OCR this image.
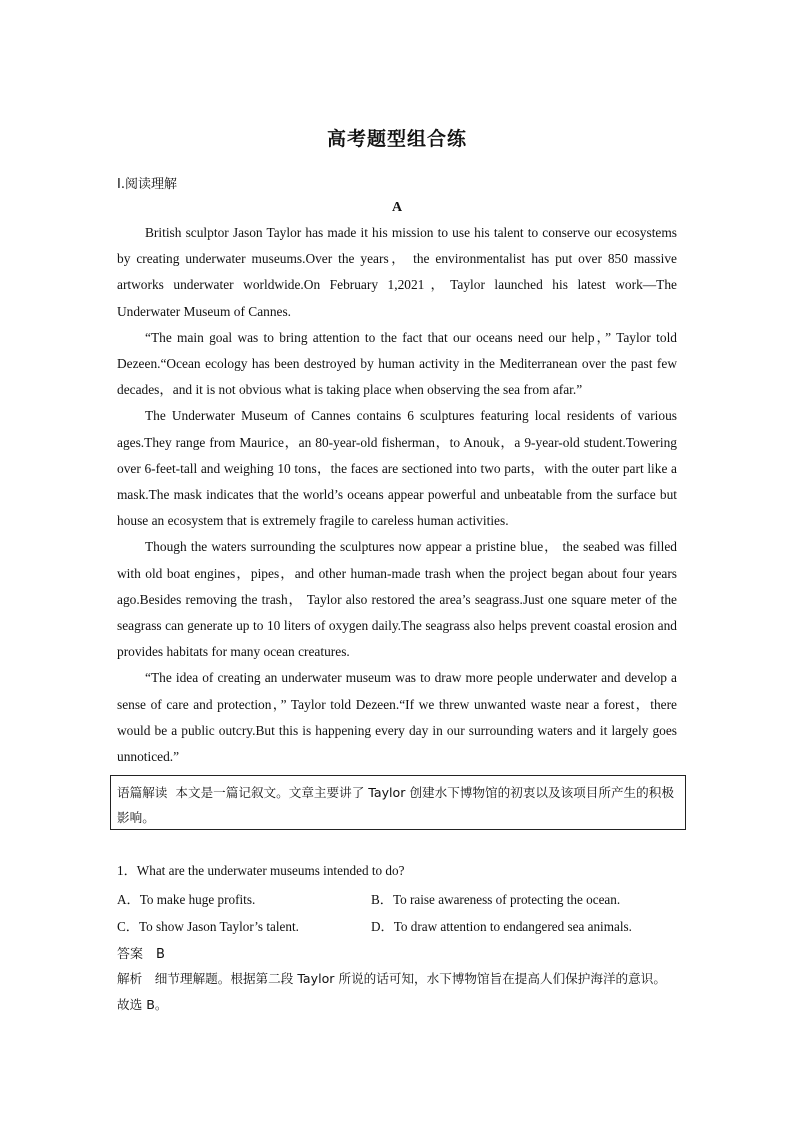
高考题型组合练
Ⅰ.阅读理解
A

British sculptor Jason Taylor has made it his mission to use his talent to conserve our ecosystems by creating underwater museums.Over the years， the environmentalist has put over 850 massive artworks underwater worldwide.On February 1,2021，Taylor launched his latest work—The Underwater Museum of Cannes.

“The main goal was to bring attention to the fact that our oceans need our help，” Taylor told Dezeen.“Ocean ecology has been destroyed by human activity in the Mediterranean over the past few decades，and it is not obvious what is taking place when observing the sea from afar.”

The Underwater Museum of Cannes contains 6 sculptures featuring local residents of various ages.They range from Maurice，an 80-year-old fisherman，to Anouk，a 9-year-old student.Towering over 6-feet-tall and weighing 10 tons，the faces are sectioned into two parts，with the outer part like a mask.The mask indicates that the world’s oceans appear powerful and unbeatable from the surface but house an ecosystem that is extremely fragile to careless human activities.

Though the waters surrounding the sculptures now appear a pristine blue， the seabed was filled with old boat engines，pipes，and other human-made trash when the project began about four years ago.Besides removing the trash， Taylor also restored the area’s seagrass.Just one square meter of the seagrass can generate up to 10 liters of oxygen daily.The seagrass also helps prevent coastal erosion and provides habitats for many ocean creatures.

“The idea of creating an underwater museum was to draw more people underwater and develop a sense of care and protection，” Taylor told Dezeen.“If we threw unwanted waste near a forest，there would be a public outcry.But this is happening every day in our surrounding waters and it largely goes unnoticed.”

语篇解读 本文是一篇记叙文。文章主要讲了 Taylor 创建水下博物馆的初衷以及该项目所产生的积极影响。
1．What are the underwater museums intended to do?
A．To make huge profits.	B．To raise awareness of protecting the ocean.
C．To show Jason Taylor’s talent.	D．To draw attention to endangered sea animals.
答案　B
解析　细节理解题。根据第二段 Taylor 所说的话可知，水下博物馆旨在提高人们保护海洋的意识。故选 B。
